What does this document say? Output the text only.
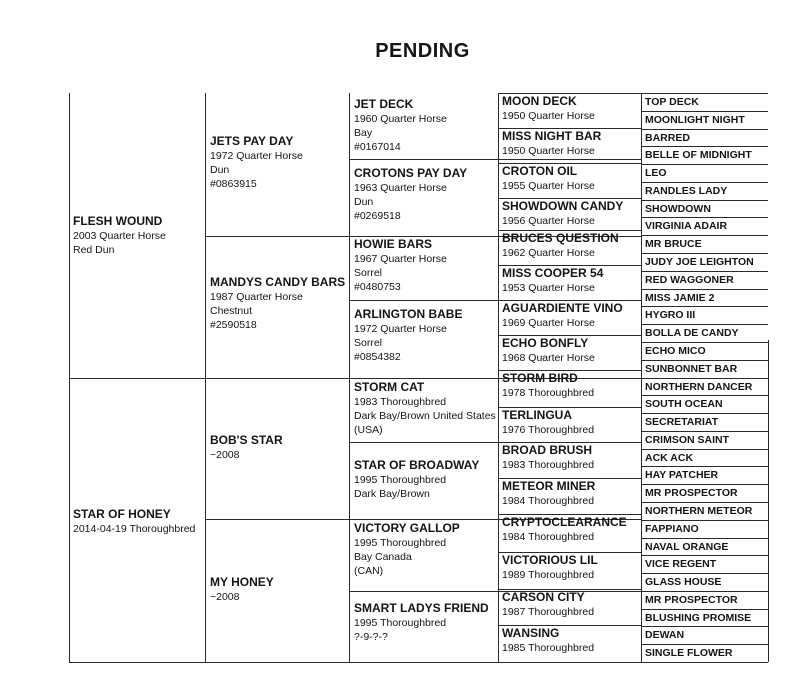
PENDING
FLESH WOUND
2003 Quarter Horse
Red Dun
STAR OF HONEY
2014-04-19 Thoroughbred
JETS PAY DAY
1972 Quarter Horse
Dun
#0863915
MANDYS CANDY BARS
1987 Quarter Horse
Chestnut
#2590518
BOB'S STAR
~2008
MY HONEY
~2008
JET DECK
1960 Quarter Horse
Bay
#0167014
CROTONS PAY DAY
1963 Quarter Horse
Dun
#0269518
HOWIE BARS
1967 Quarter Horse
Sorrel
#0480753
ARLINGTON BABE
1972 Quarter Horse
Sorrel
#0854382
STORM CAT
1983 Thoroughbred
Dark Bay/Brown United States
(USA)
STAR OF BROADWAY
1995 Thoroughbred
Dark Bay/Brown
VICTORY GALLOP
1995 Thoroughbred
Bay Canada
(CAN)
SMART LADYS FRIEND
1995 Thoroughbred
?-9-?-?
MOON DECK
1950 Quarter Horse
MISS NIGHT BAR
1950 Quarter Horse
CROTON OIL
1955 Quarter Horse
SHOWDOWN CANDY
1956 Quarter Horse
BRUCES QUESTION
1962 Quarter Horse
MISS COOPER 54
1953 Quarter Horse
AGUARDIENTE VINO
1969 Quarter Horse
ECHO BONFLY
1968 Quarter Horse
STORM BIRD
1978 Thoroughbred
TERLINGUA
1976 Thoroughbred
BROAD BRUSH
1983 Thoroughbred
METEOR MINER
1984 Thoroughbred
CRYPTOCLEARANCE
1984 Thoroughbred
VICTORIOUS LIL
1989 Thoroughbred
CARSON CITY
1987 Thoroughbred
WANSING
1985 Thoroughbred
TOP DECK
MOONLIGHT NIGHT
BARRED
BELLE OF MIDNIGHT
LEO
RANDLES LADY
SHOWDOWN
VIRGINIA ADAIR
MR BRUCE
JUDY JOE LEIGHTON
RED WAGGONER
MISS JAMIE 2
HYGRO III
BOLLA DE CANDY
ECHO MICO
SUNBONNET BAR
NORTHERN DANCER
SOUTH OCEAN
SECRETARIAT
CRIMSON SAINT
ACK ACK
HAY PATCHER
MR PROSPECTOR
NORTHERN METEOR
FAPPIANO
NAVAL ORANGE
VICE REGENT
GLASS HOUSE
MR PROSPECTOR
BLUSHING PROMISE
DEWAN
SINGLE FLOWER
